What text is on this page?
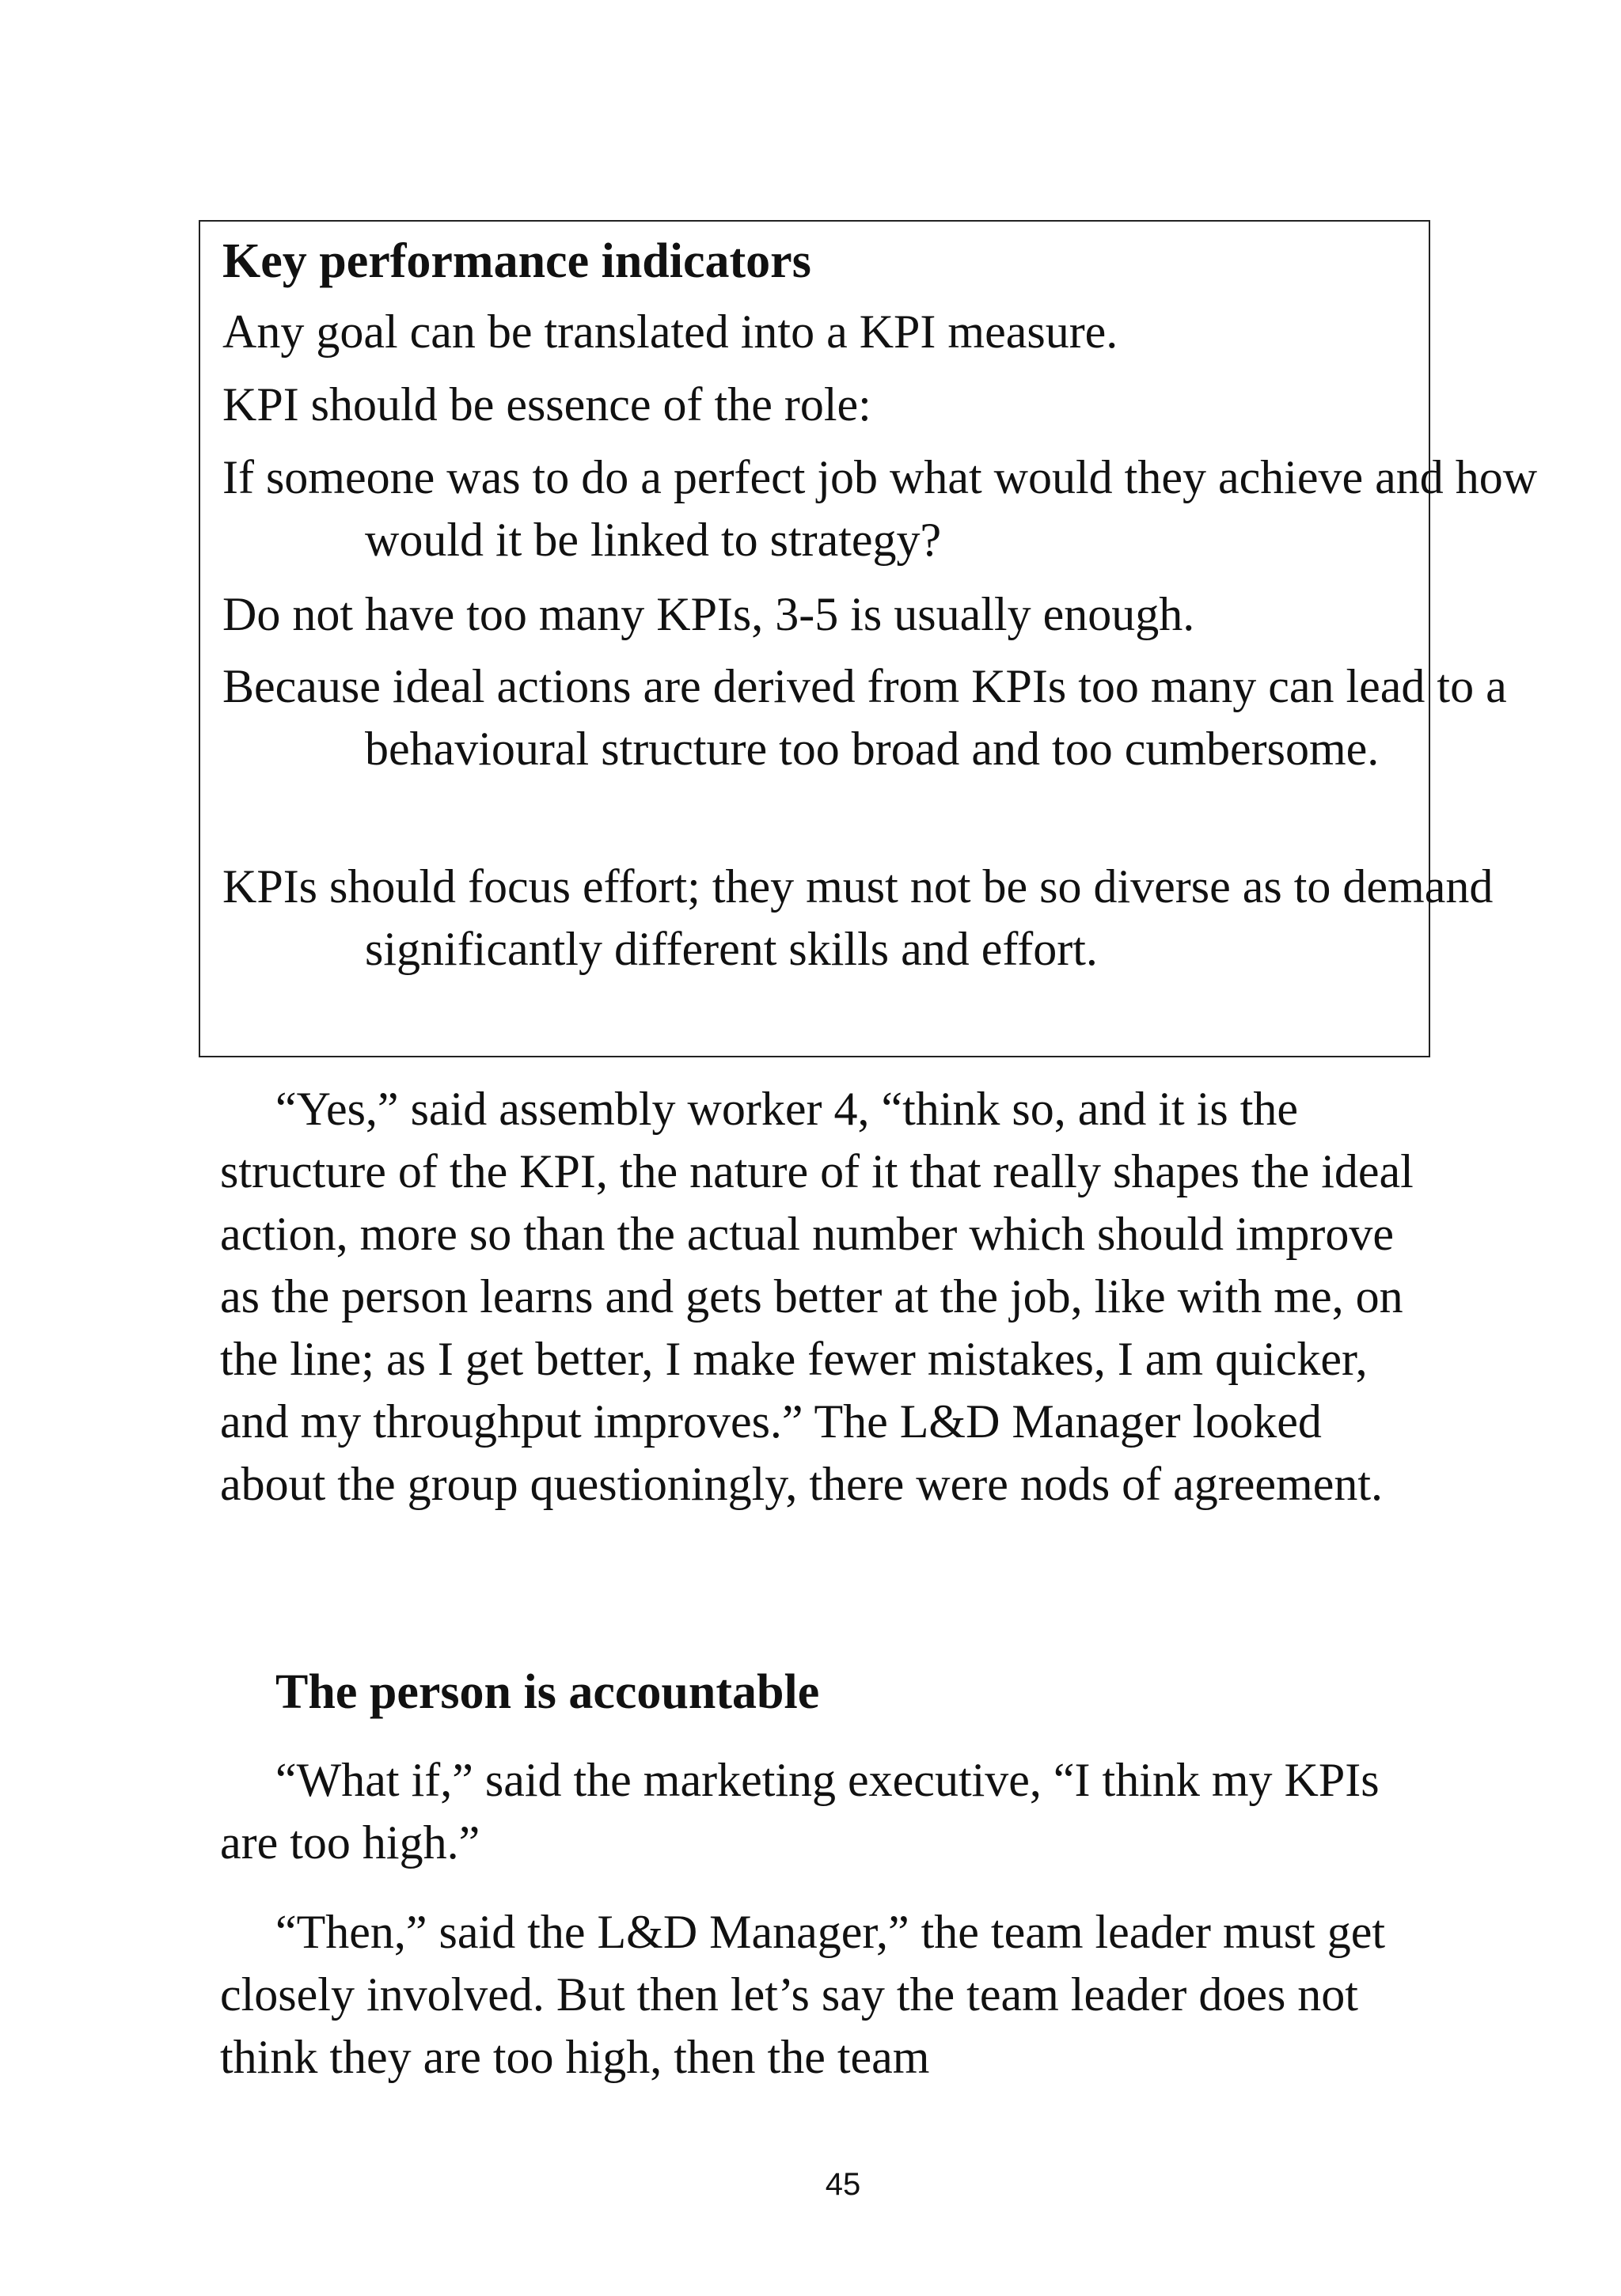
Key performance indicators
Any goal can be translated into a KPI measure.
KPI should be essence of the role:
If someone was to do a perfect job what would they achieve and how would it be linked to strategy?
Do not have too many KPIs, 3-5 is usually enough.
Because ideal actions are derived from KPIs too many can lead to a behavioural structure too broad and too cumbersome.
KPIs should focus effort; they must not be so diverse as to demand significantly different skills and effort.
“Yes,” said assembly worker 4, “think so, and it is the structure of the KPI, the nature of it that really shapes the ideal action, more so than the actual number which should improve as the person learns and gets better at the job, like with me, on the line; as I get better, I make fewer mistakes, I am quicker, and my throughput improves.” The L&D Manager looked about the group questioningly, there were nods of agreement.
The person is accountable
“What if,” said the marketing executive, “I think my KPIs are too high.”
“Then,” said the L&D Manager,” the team leader must get closely involved. But then let’s say the team leader does not think they are too high, then the team
45
